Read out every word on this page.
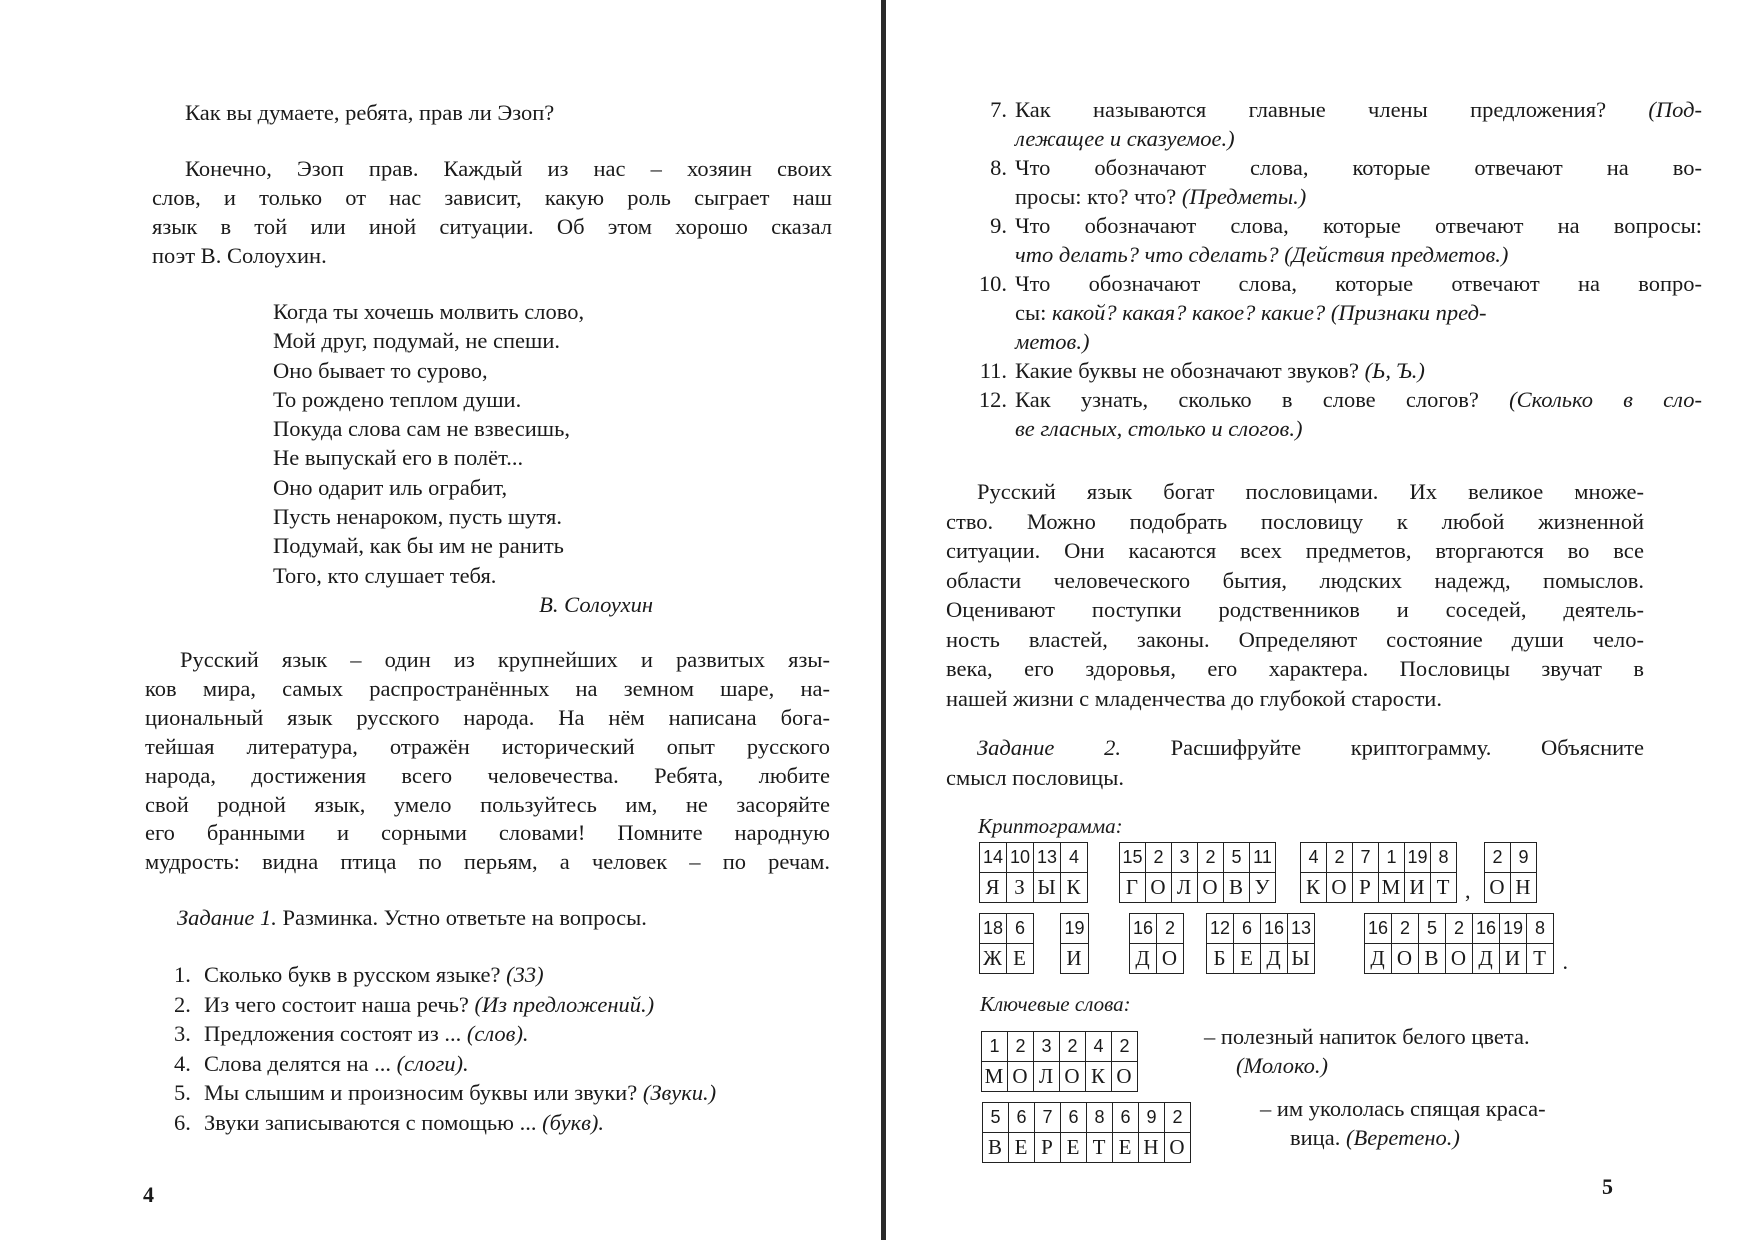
Как вы думаете, ребята, прав ли Эзоп?
Конечно, Эзоп прав. Каждый из нас – хозяин своих
слов, и только от нас зависит, какую роль сыграет наш
язык в той или иной ситуации. Об этом хорошо сказал
поэт В. Солоухин.
Когда ты хочешь молвить слово,
Мой друг, подумай, не спеши.
Оно бывает то сурово,
То рождено теплом души.
Покуда слова сам не взвесишь,
Не выпускай его в полёт...
Оно одарит иль ограбит,
Пусть ненароком, пусть шутя.
Подумай, как бы им не ранить
Того, кто слушает тебя.
В. Солоухин
Русский язык – один из крупнейших и развитых язы-
ков мира, самых распространённых на земном шаре, на-
циональный язык русского народа. На нём написана бога-
тейшая литература, отражён исторический опыт русского
народа, достижения всего человечества. Ребята, любите
свой родной язык, умело пользуйтесь им, не засоряйте
его бранными и сорными словами! Помните народную
мудрость: видна птица по перьям, а человек – по речам.
Задание 1. Разминка. Устно ответьте на вопросы.
1. Сколько букв в русском языке? (33)
2. Из чего состоит наша речь? (Из предложений.)
3. Предложения состоят из ... (слов).
4. Слова делятся на ... (слоги).
5. Мы слышим и произносим буквы или звуки? (Звуки.)
6. Звуки записываются с помощью ... (букв).
4
7. Как называются главные члены предложения? (Под-
лежащее и сказуемое.)
8. Что обозначают слова, которые отвечают на во-
просы: кто? что? (Предметы.)
9. Что обозначают слова, которые отвечают на вопросы:
что делать? что сделать? (Действия предметов.)
10. Что обозначают слова, которые отвечают на вопро-
сы: какой? какая? какое? какие? (Признаки пред-
метов.)
11. Какие буквы не обозначают звуков? (Ь, Ъ.)
12. Как узнать, сколько в слове слогов? (Сколько в сло-
ве гласных, столько и слогов.)
Русский язык богат пословицами. Их великое множе-
ство. Можно подобрать пословицу к любой жизненной
ситуации. Они касаются всех предметов, вторгаются во все
области человеческого бытия, людских надежд, помыслов.
Оценивают поступки родственников и соседей, деятель-
ность властей, законы. Определяют состояние души чело-
века, его здоровья, его характера. Пословицы звучат в
нашей жизни с младенчества до глубокой старости.
Задание 2. Расшифруйте криптограмму. Объясните
смысл пословицы.
Криптограмма:
14	10	13	4
Я	З	Ы	К
15	2	3	2	5	11
Г	О	Л	О	В	У
4	2	7	1	19	8
К	О	Р	М	И	Т ,
2	9
О	Н
18	6
Ж	Е
19
И
16	2
Д	О
12	6	16	13
Б	Е	Д	Ы
16	2	5	2	16	19	8
Д	О	В	О	Д	И	Т .
Ключевые слова:
1	2	3	2	4	2
М	О	Л	О	К	О
– полезный напиток белого цвета.
(Молоко.)
5	6	7	6	8	6	9	2
В	Е	Р	Е	Т	Е	Н	О
– им укололась спящая краса-
вица. (Веретено.)
5
